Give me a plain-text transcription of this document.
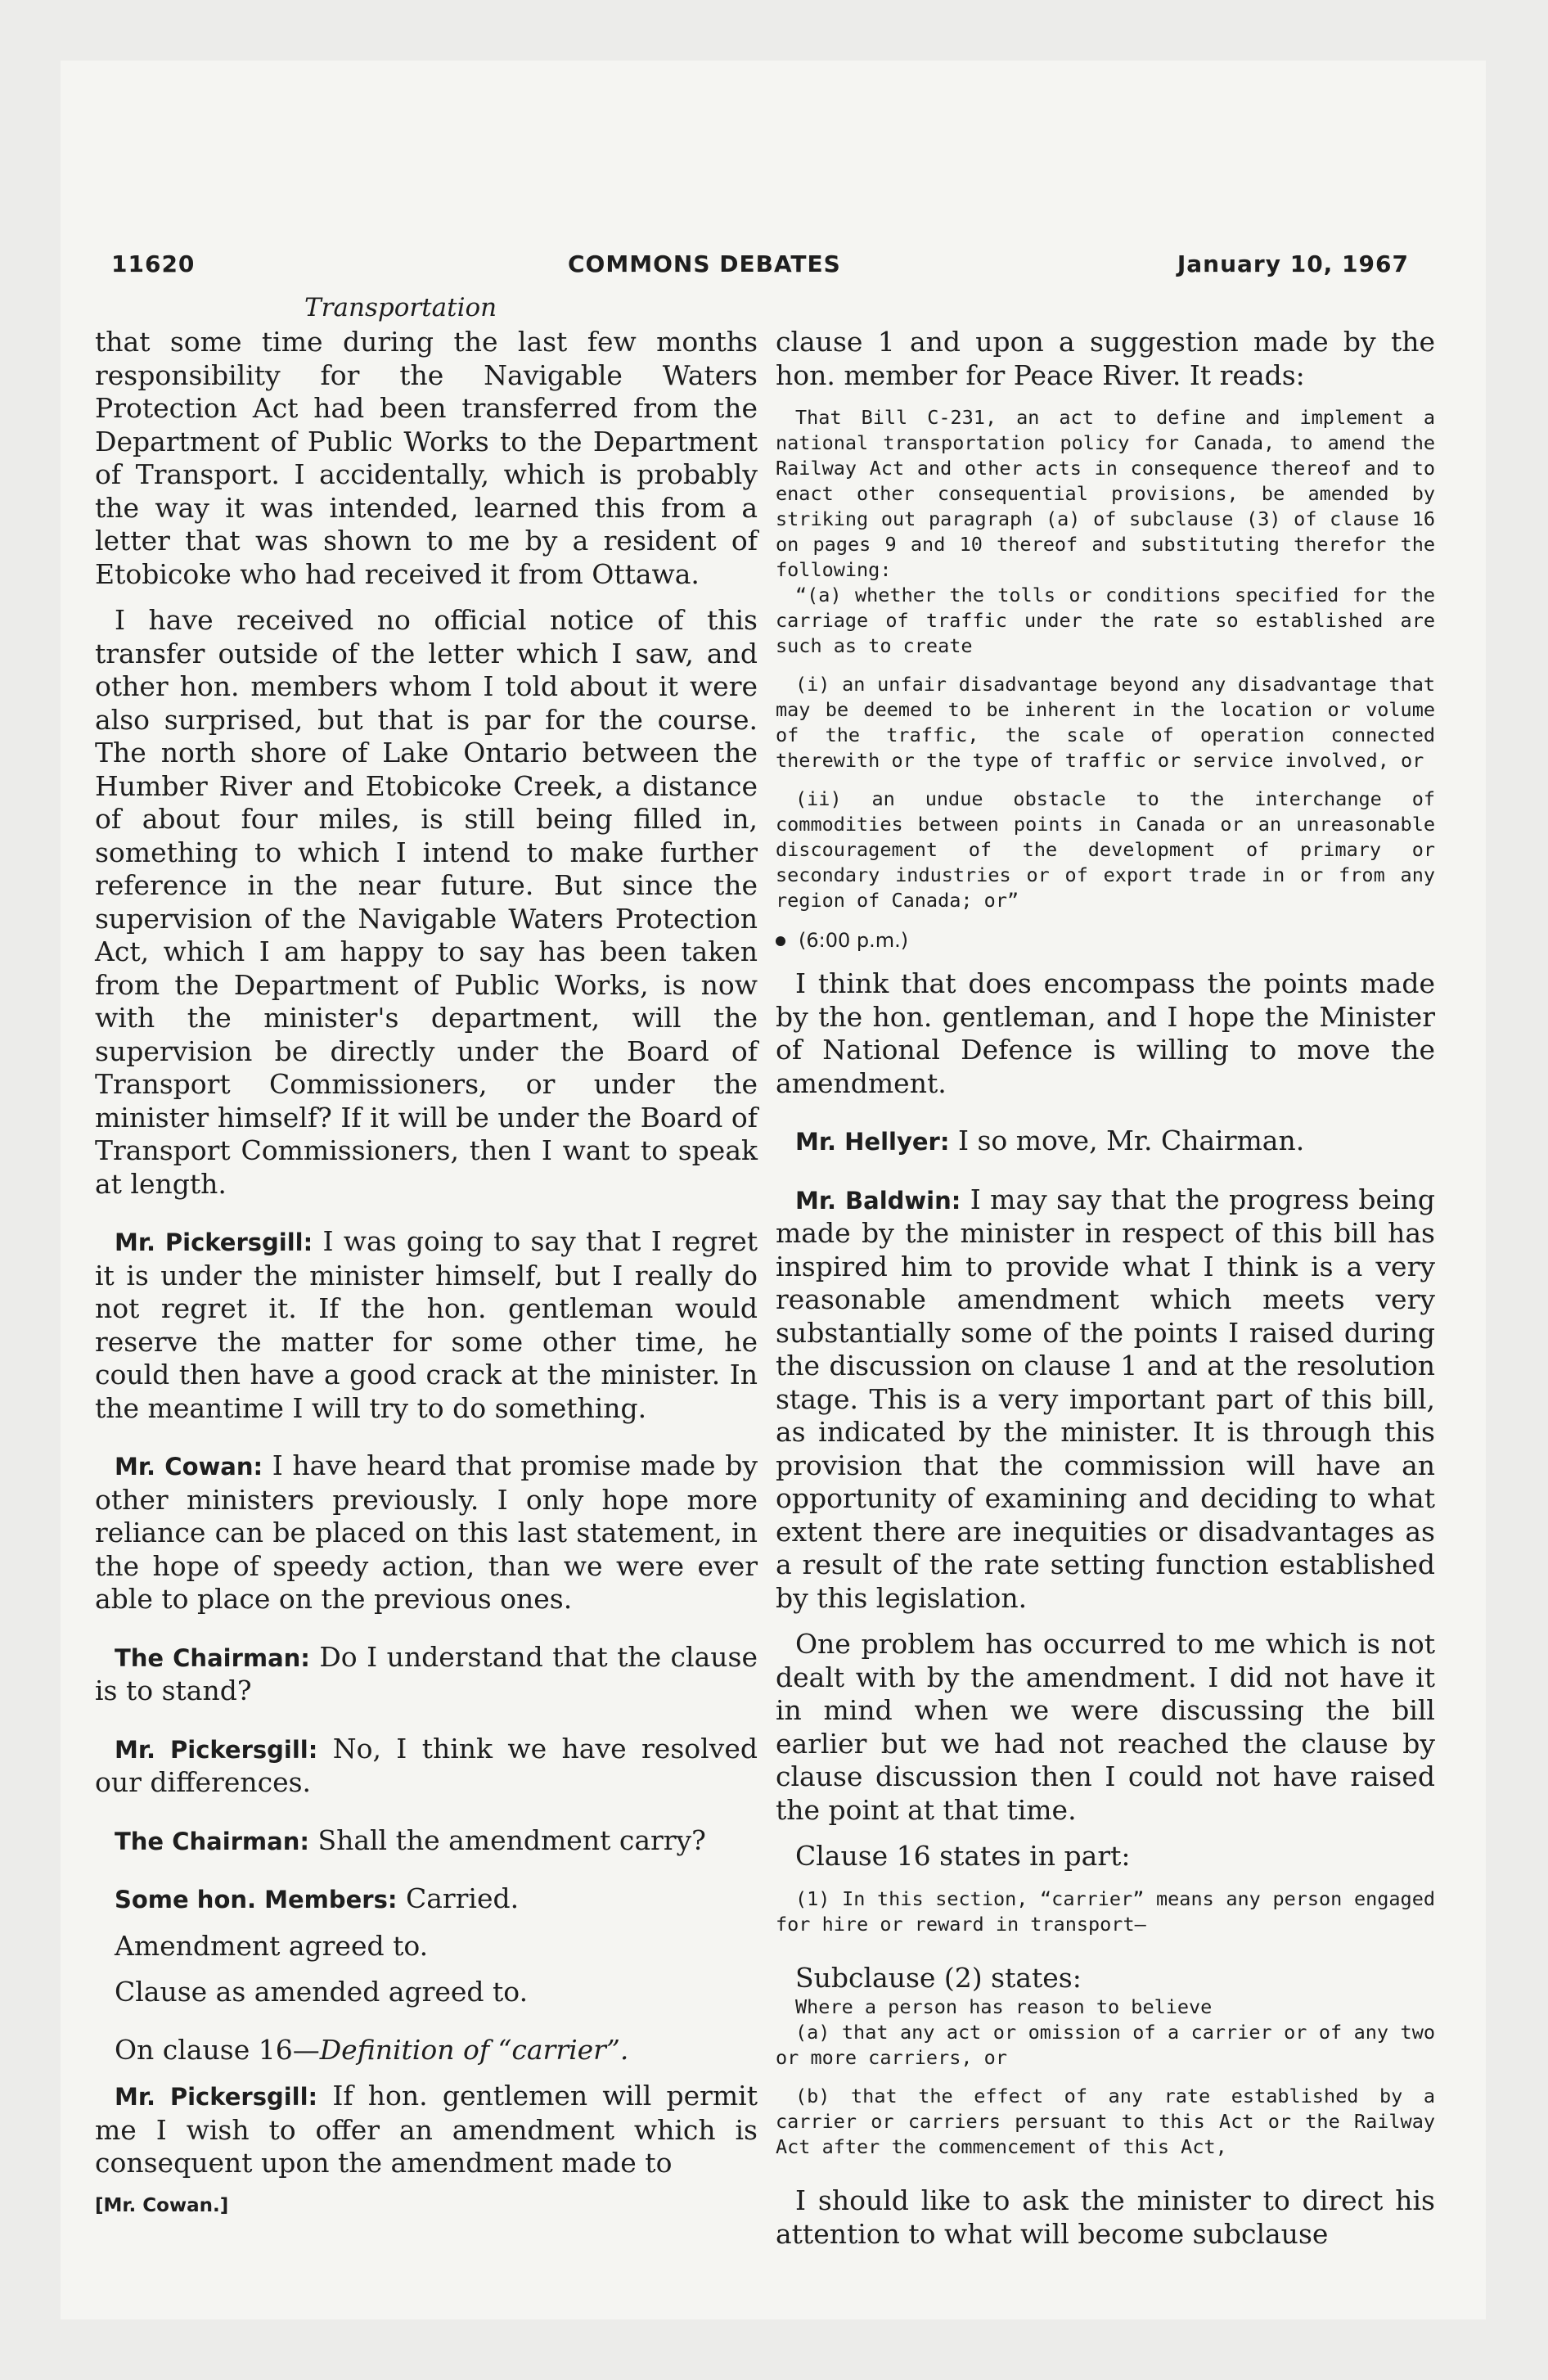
11620	COMMONS DEBATES	January 10, 1967
Transportation

that some time during the last few months responsibility for the Navigable Waters Protection Act had been transferred from the Department of Public Works to the Department of Transport. I accidentally, which is probably the way it was intended, learned this from a letter that was shown to me by a resident of Etobicoke who had received it from Ottawa.

I have received no official notice of this transfer outside of the letter which I saw, and other hon. members whom I told about it were also surprised, but that is par for the course. The north shore of Lake Ontario between the Humber River and Etobicoke Creek, a distance of about four miles, is still being filled in, something to which I intend to make further reference in the near future. But since the supervision of the Navigable Waters Protection Act, which I am happy to say has been taken from the Department of Public Works, is now with the minister's department, will the supervision be directly under the Board of Transport Commissioners, or under the minister himself? If it will be under the Board of Transport Commissioners, then I want to speak at length.

Mr. Pickersgill: I was going to say that I regret it is under the minister himself, but I really do not regret it. If the hon. gentleman would reserve the matter for some other time, he could then have a good crack at the minister. In the meantime I will try to do something.

Mr. Cowan: I have heard that promise made by other ministers previously. I only hope more reliance can be placed on this last statement, in the hope of speedy action, than we were ever able to place on the previous ones.

The Chairman: Do I understand that the clause is to stand?

Mr. Pickersgill: No, I think we have resolved our differences.

The Chairman: Shall the amendment carry?

Some hon. Members: Carried.

Amendment agreed to.

Clause as amended agreed to.

On clause 16—Definition of “carrier”.

Mr. Pickersgill: If hon. gentlemen will permit me I wish to offer an amendment which is consequent upon the amendment made to

[Mr. Cowan.]

clause 1 and upon a suggestion made by the hon. member for Peace River. It reads:

That Bill C-231, an act to define and implement a national transportation policy for Canada, to amend the Railway Act and other acts in consequence thereof and to enact other consequential provisions, be amended by striking out paragraph (a) of subclause (3) of clause 16 on pages 9 and 10 thereof and substituting therefor the following:

“(a) whether the tolls or conditions specified for the carriage of traffic under the rate so established are such as to create

(i) an unfair disadvantage beyond any disadvantage that may be deemed to be inherent in the location or volume of the traffic, the scale of operation connected therewith or the type of traffic or service involved, or

(ii) an undue obstacle to the interchange of commodities between points in Canada or an unreasonable discouragement of the development of primary or secondary industries or of export trade in or from any region of Canada; or”

(6:00 p.m.)

I think that does encompass the points made by the hon. gentleman, and I hope the Minister of National Defence is willing to move the amendment.

Mr. Hellyer: I so move, Mr. Chairman.

Mr. Baldwin: I may say that the progress being made by the minister in respect of this bill has inspired him to provide what I think is a very reasonable amendment which meets very substantially some of the points I raised during the discussion on clause 1 and at the resolution stage. This is a very important part of this bill, as indicated by the minister. It is through this provision that the commission will have an opportunity of examining and deciding to what extent there are inequities or disadvantages as a result of the rate setting function established by this legislation.

One problem has occurred to me which is not dealt with by the amendment. I did not have it in mind when we were discussing the bill earlier but we had not reached the clause by clause discussion then I could not have raised the point at that time.

Clause 16 states in part:

(1) In this section, “carrier” means any person engaged for hire or reward in transport—

Subclause (2) states:

Where a person has reason to believe

(a) that any act or omission of a carrier or of any two or more carriers, or

(b) that the effect of any rate established by a carrier or carriers persuant to this Act or the Railway Act after the commencement of this Act,

I should like to ask the minister to direct his attention to what will become subclause
